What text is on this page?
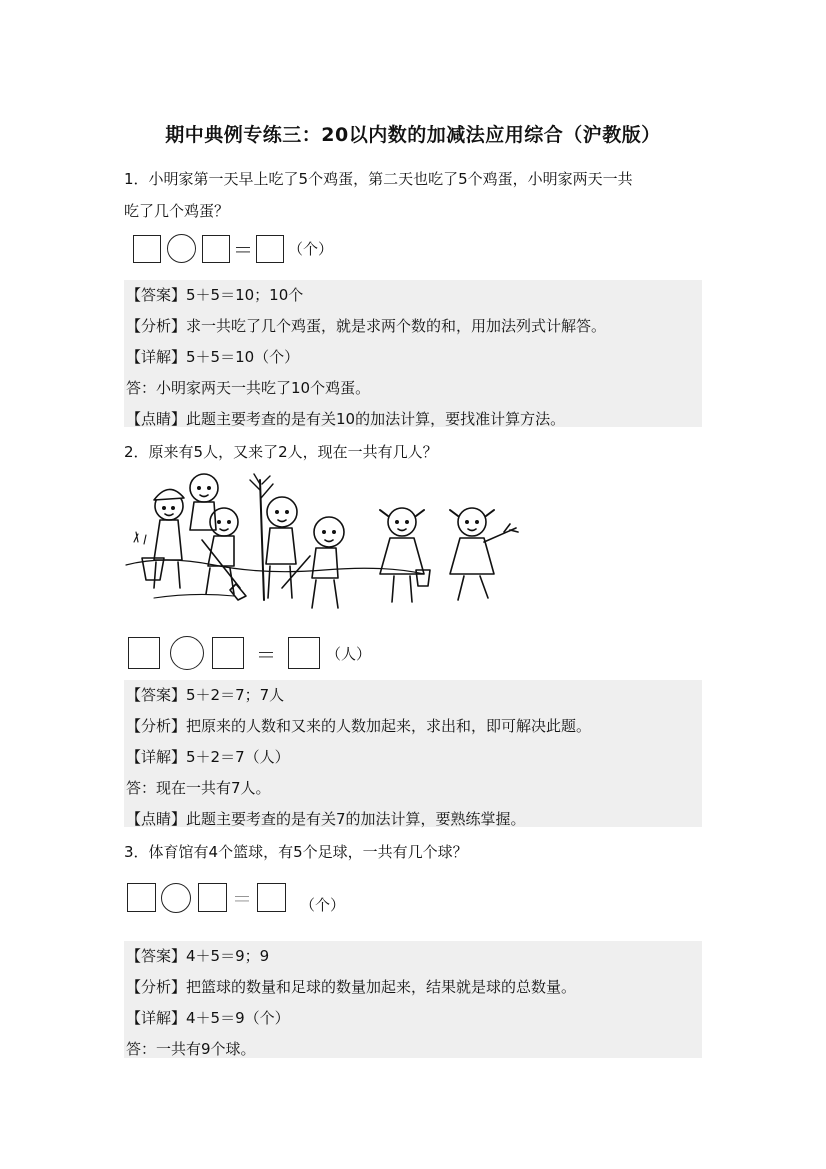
期中典例专练三：20以内数的加减法应用综合（沪教版）
1．小明家第一天早上吃了5个鸡蛋，第二天也吃了5个鸡蛋，小明家两天一共
吃了几个鸡蛋？
＝ （个）
【答案】5＋5＝10；10个
【分析】求一共吃了几个鸡蛋，就是求两个数的和，用加法列式计解答。
【详解】5＋5＝10（个）
答：小明家两天一共吃了10个鸡蛋。
【点睛】此题主要考查的是有关10的加法计算，要找准计算方法。
2．原来有5人，又来了2人，现在一共有几人？
＝	（人）
【答案】5＋2＝7；7人
【分析】把原来的人数和又来的人数加起来，求出和，即可解决此题。
【详解】5＋2＝7（人）
答：现在一共有7人。
【点睛】此题主要考查的是有关7的加法计算，要熟练掌握。
3．体育馆有4个篮球，有5个足球，一共有几个球？
＝	（个）
【答案】4＋5＝9；9
【分析】把篮球的数量和足球的数量加起来，结果就是球的总数量。
【详解】4＋5＝9（个）
答：一共有9个球。
